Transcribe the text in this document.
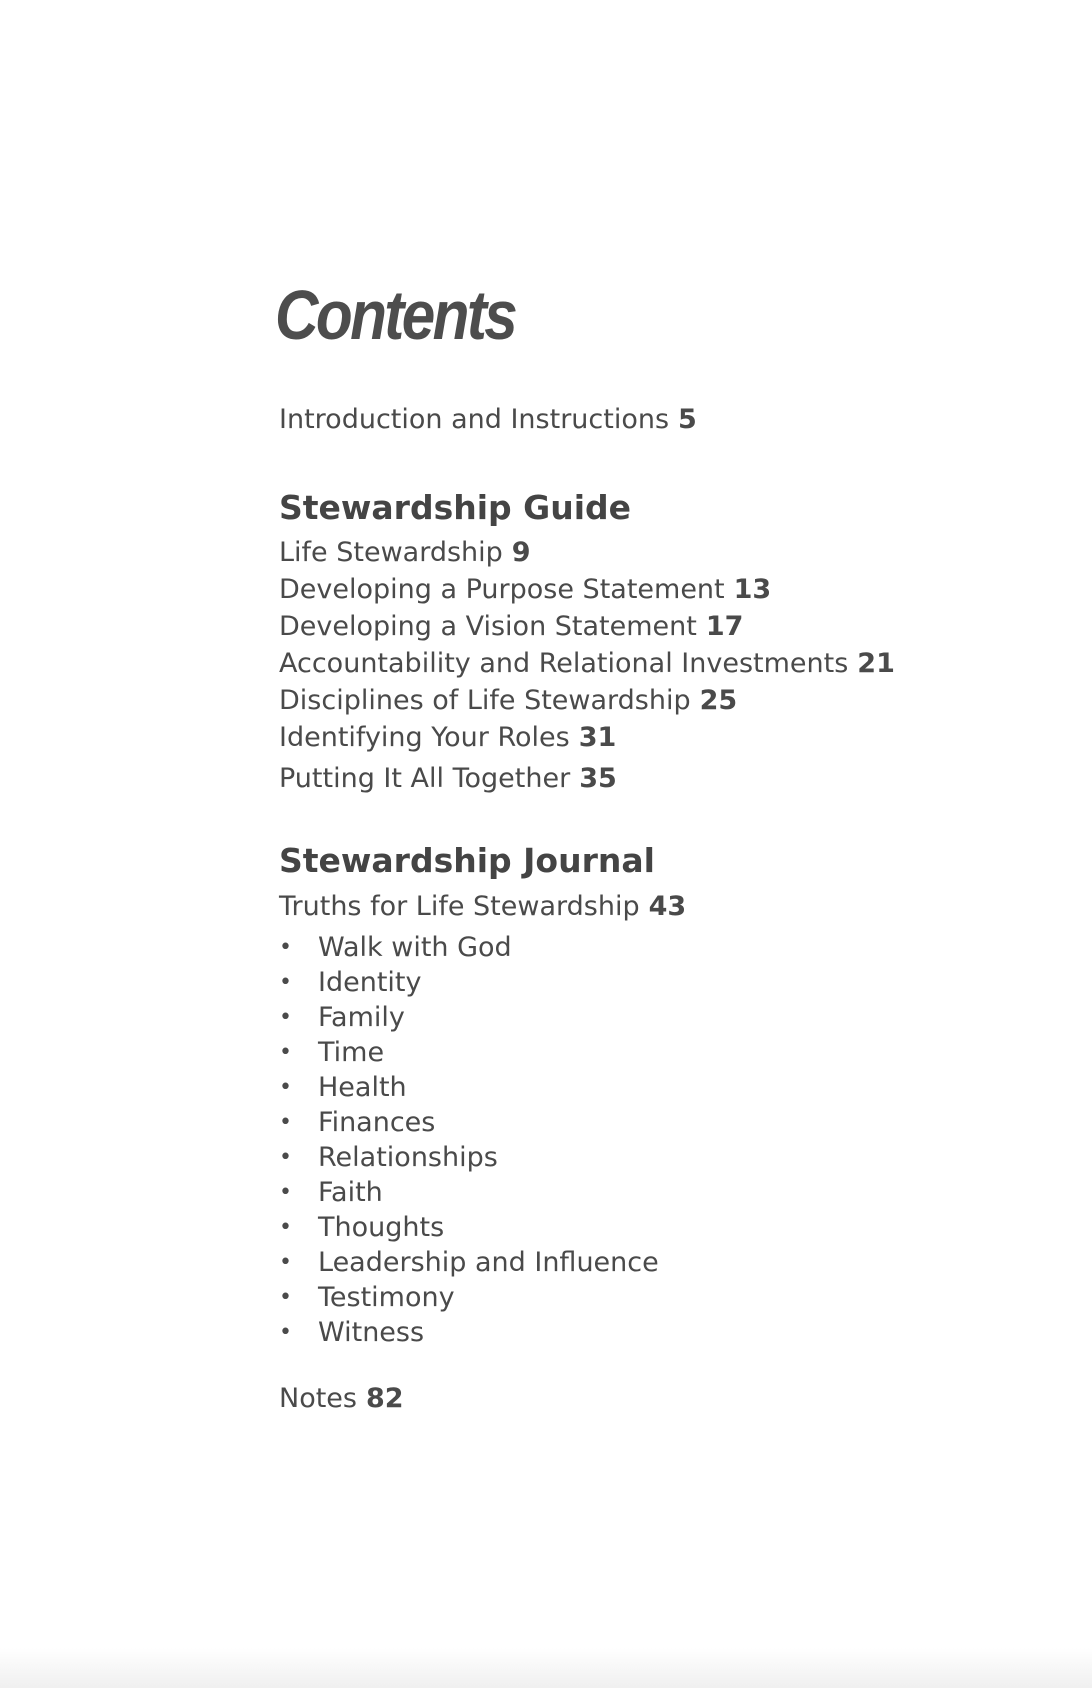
Contents
Introduction and Instructions 5
Stewardship Guide
Life Stewardship 9
Developing a Purpose Statement 13
Developing a Vision Statement 17
Accountability and Relational Investments 21
Disciplines of Life Stewardship 25
Identifying Your Roles 31
Putting It All Together 35
Stewardship Journal
Truths for Life Stewardship 43
• Walk with God
• Identity
• Family
• Time
• Health
• Finances
• Relationships
• Faith
• Thoughts
• Leadership and Influence
• Testimony
• Witness
Notes 82
